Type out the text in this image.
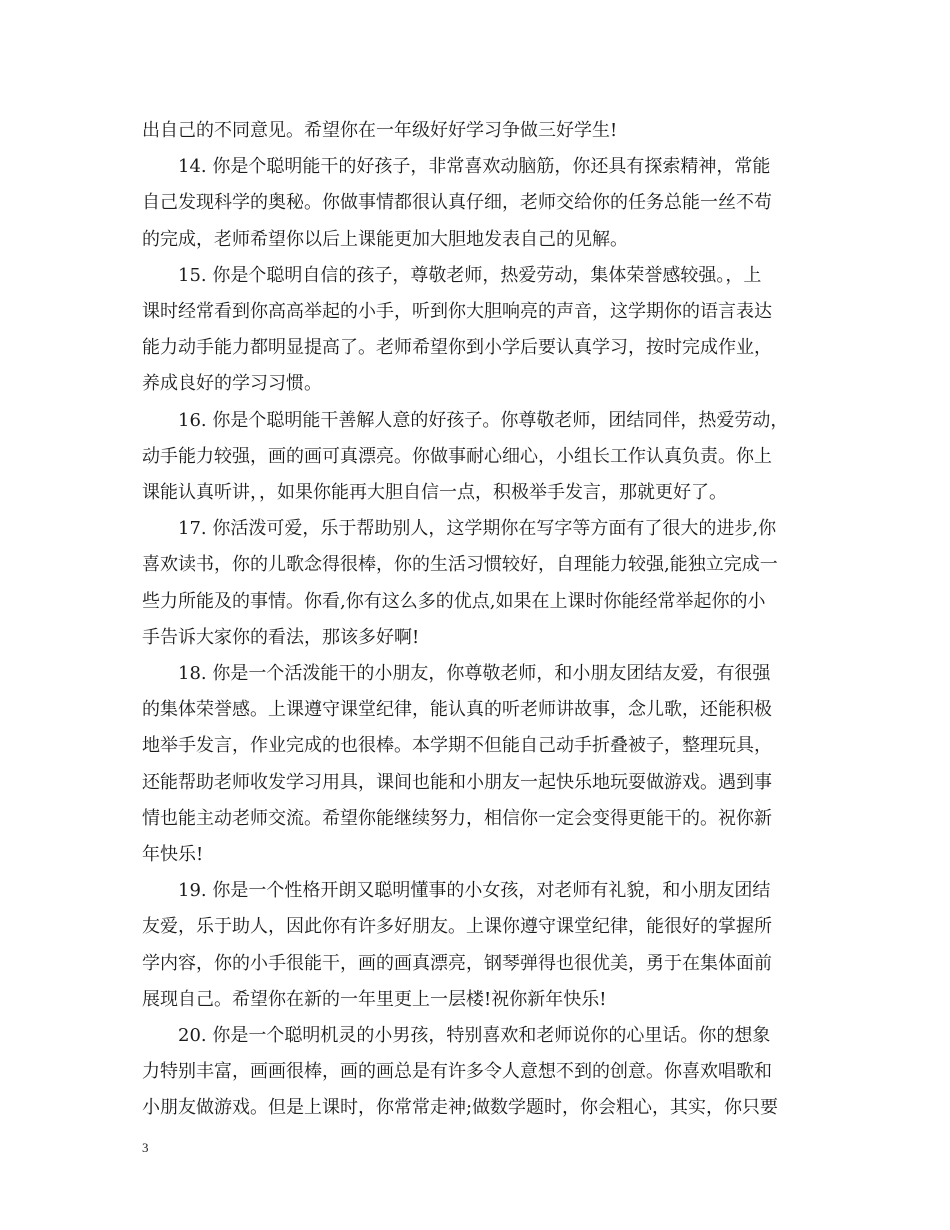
出自己的不同意见。希望你在一年级好好学习争做三好学生!

14. 你是个聪明能干的好孩子，非常喜欢动脑筋，你还具有探索精神，常能

自己发现科学的奥秘。你做事情都很认真仔细，老师交给你的任务总能一丝不苟

的完成，老师希望你以后上课能更加大胆地发表自己的见解。

15. 你是个聪明自信的孩子，尊敬老师，热爱劳动，集体荣誉感较强。，上

课时经常看到你高高举起的小手，听到你大胆响亮的声音，这学期你的语言表达

能力动手能力都明显提高了。老师希望你到小学后要认真学习，按时完成作业，

养成良好的学习习惯。

16. 你是个聪明能干善解人意的好孩子。你尊敬老师，团结同伴，热爱劳动，

动手能力较强，画的画可真漂亮。你做事耐心细心，小组长工作认真负责。你上

课能认真听讲，，如果你能再大胆自信一点，积极举手发言，那就更好了。

17. 你活泼可爱，乐于帮助别人，这学期你在写字等方面有了很大的进步,你

喜欢读书，你的儿歌念得很棒，你的生活习惯较好，自理能力较强,能独立完成一

些力所能及的事情。你看,你有这么多的优点,如果在上课时你能经常举起你的小

手告诉大家你的看法，那该多好啊!

18. 你是一个活泼能干的小朋友，你尊敬老师，和小朋友团结友爱，有很强

的集体荣誉感。上课遵守课堂纪律，能认真的听老师讲故事，念儿歌，还能积极

地举手发言，作业完成的也很棒。本学期不但能自己动手折叠被子，整理玩具，

还能帮助老师收发学习用具，课间也能和小朋友一起快乐地玩耍做游戏。遇到事

情也能主动老师交流。希望你能继续努力，相信你一定会变得更能干的。祝你新

年快乐!

19. 你是一个性格开朗又聪明懂事的小女孩，对老师有礼貌，和小朋友团结

友爱，乐于助人，因此你有许多好朋友。上课你遵守课堂纪律，能很好的掌握所

学内容，你的小手很能干，画的画真漂亮，钢琴弹得也很优美，勇于在集体面前

展现自己。希望你在新的一年里更上一层楼!祝你新年快乐!

20. 你是一个聪明机灵的小男孩，特别喜欢和老师说你的心里话。你的想象

力特别丰富，画画很棒，画的画总是有许多令人意想不到的创意。你喜欢唱歌和

小朋友做游戏。但是上课时，你常常走神;做数学题时，你会粗心，其实，你只要

3
